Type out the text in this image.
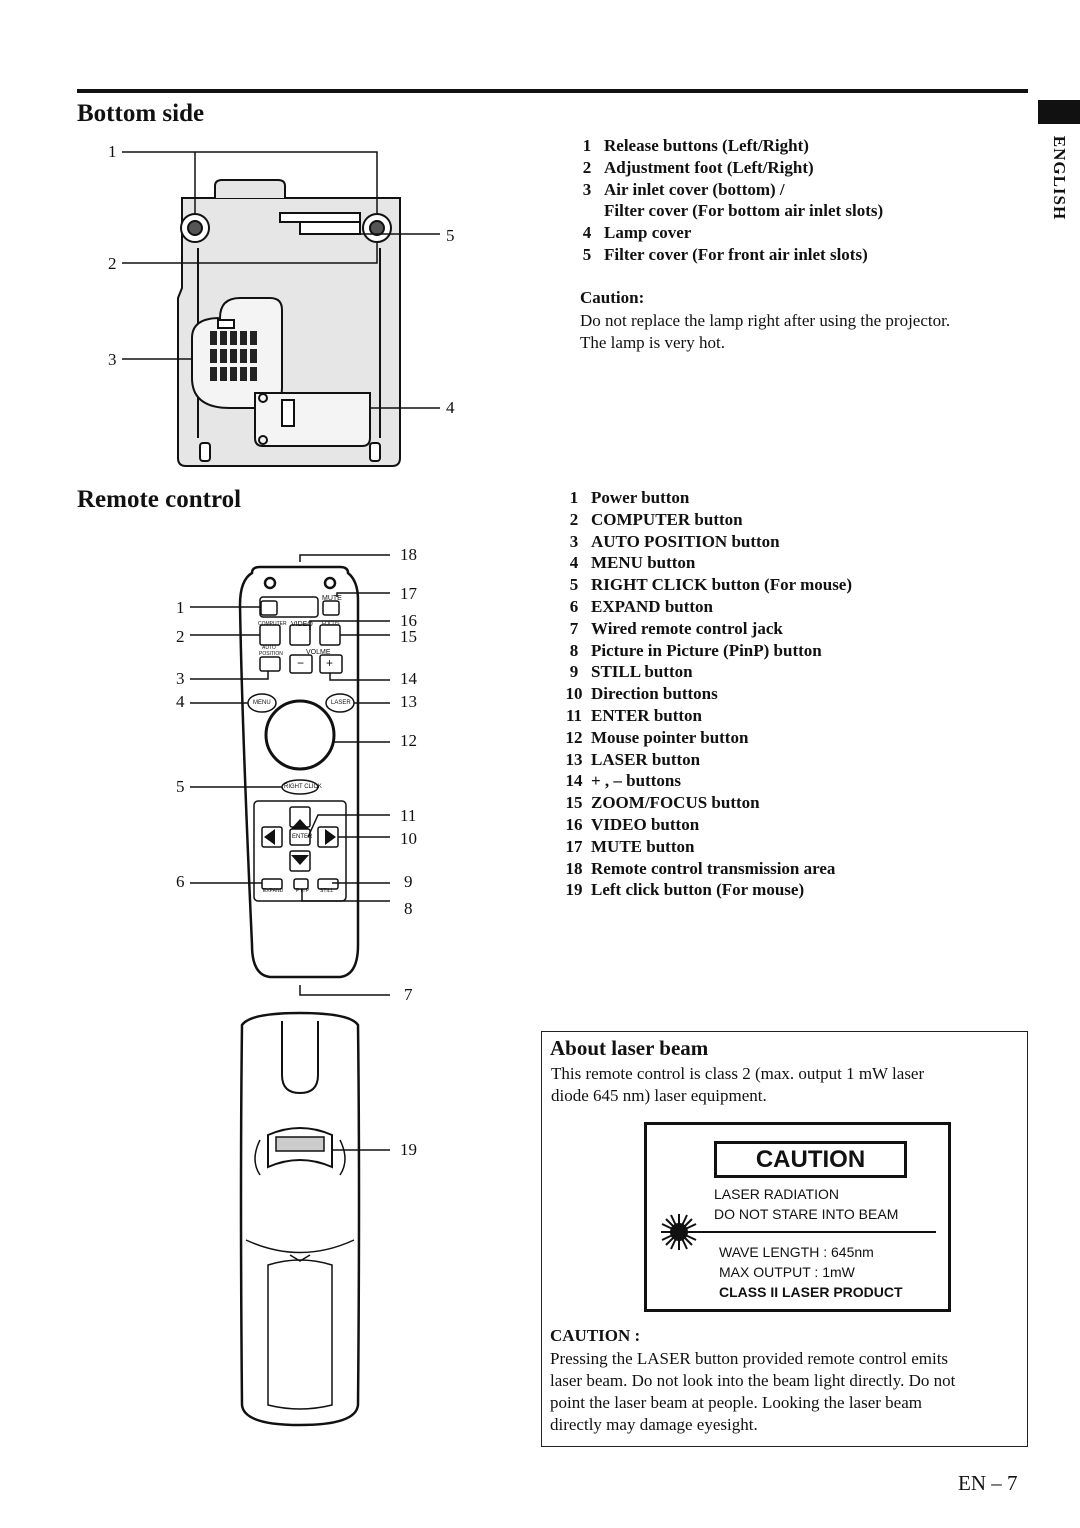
ENGLISH
Bottom side
1
2
3
4
5
1 Release buttons (Left/Right)
2 Adjustment foot (Left/Right)
3 Air inlet cover (bottom) /
Filter cover (For bottom air inlet slots)
4 Lamp cover
5 Filter cover (For front air inlet slots)
Caution:
Do not replace the lamp right after using the projector.
The lamp is very hot.
Remote control
MUTE
COMPUTER VIDEO FOCUS
AUTO
POSITION	VOLME
− +
MENU	LASER
RIGHT CLICK
ENTER
EXPAND	P in P STILL
1
2
3
4
5
6
18
17
16
15
14
13
12
11
10
9
8
7
19
1 Power button
2 COMPUTER button
3 AUTO POSITION button
4 MENU button
5 RIGHT CLICK button (For mouse)
6 EXPAND button
7 Wired remote control jack
8 Picture in Picture (PinP) button
9 STILL button
10 Direction buttons
11 ENTER button
12 Mouse pointer button
13 LASER button
14 + , – buttons
15 ZOOM/FOCUS button
16 VIDEO button
17 MUTE button
18 Remote control transmission area
19 Left click button (For mouse)
About laser beam
This remote control is class 2 (max. output 1 mW laser
diode 645 nm) laser equipment.
CAUTION
LASER RADIATION
DO NOT STARE INTO BEAM
WAVE LENGTH : 645nm
MAX OUTPUT : 1mW
CLASS II LASER PRODUCT
CAUTION :
Pressing the LASER button provided remote control emits
laser beam. Do not look into the beam light directly. Do not
point the laser beam at people. Looking the laser beam
directly may damage eyesight.
EN – 7
